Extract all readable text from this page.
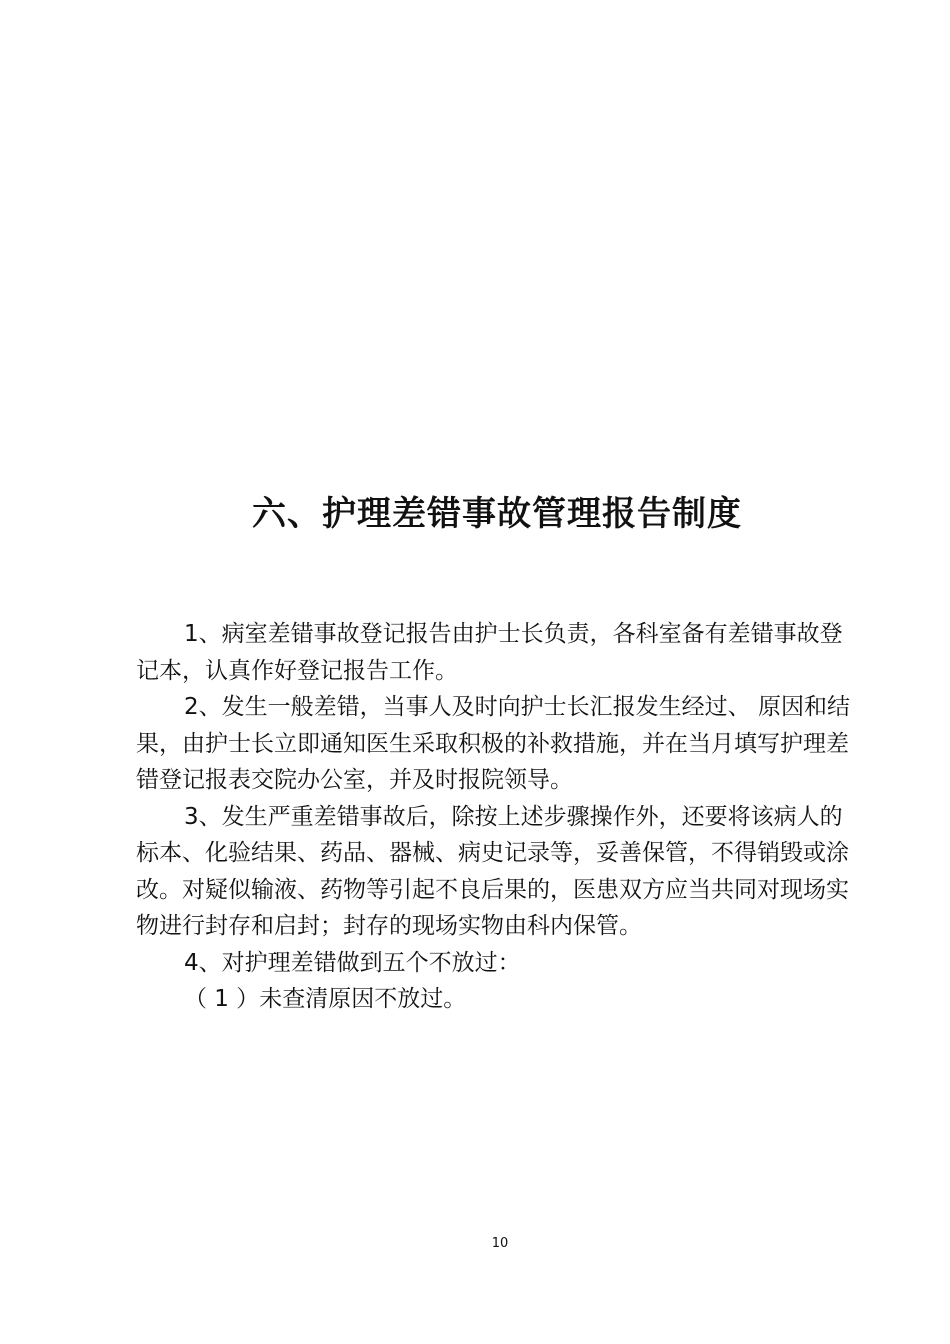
六、护理差错事故管理报告制度

1、病室差错事故登记报告由护士长负责，各科室备有差错事故登记本，认真作好登记报告工作。

2、发生一般差错，当事人及时向护士长汇报发生经过、 原因和结果，由护士长立即通知医生采取积极的补救措施，并在当月填写护理差错登记报表交院办公室，并及时报院领导。

3、发生严重差错事故后，除按上述步骤操作外，还要将该病人的标本、化验结果、药品、器械、病史记录等，妥善保管，不得销毁或涂改。对疑似输液、药物等引起不良后果的，医患双方应当共同对现场实物进行封存和启封；封存的现场实物由科内保管。

4、对护理差错做到五个不放过：

（ 1 ）未查清原因不放过。

10
